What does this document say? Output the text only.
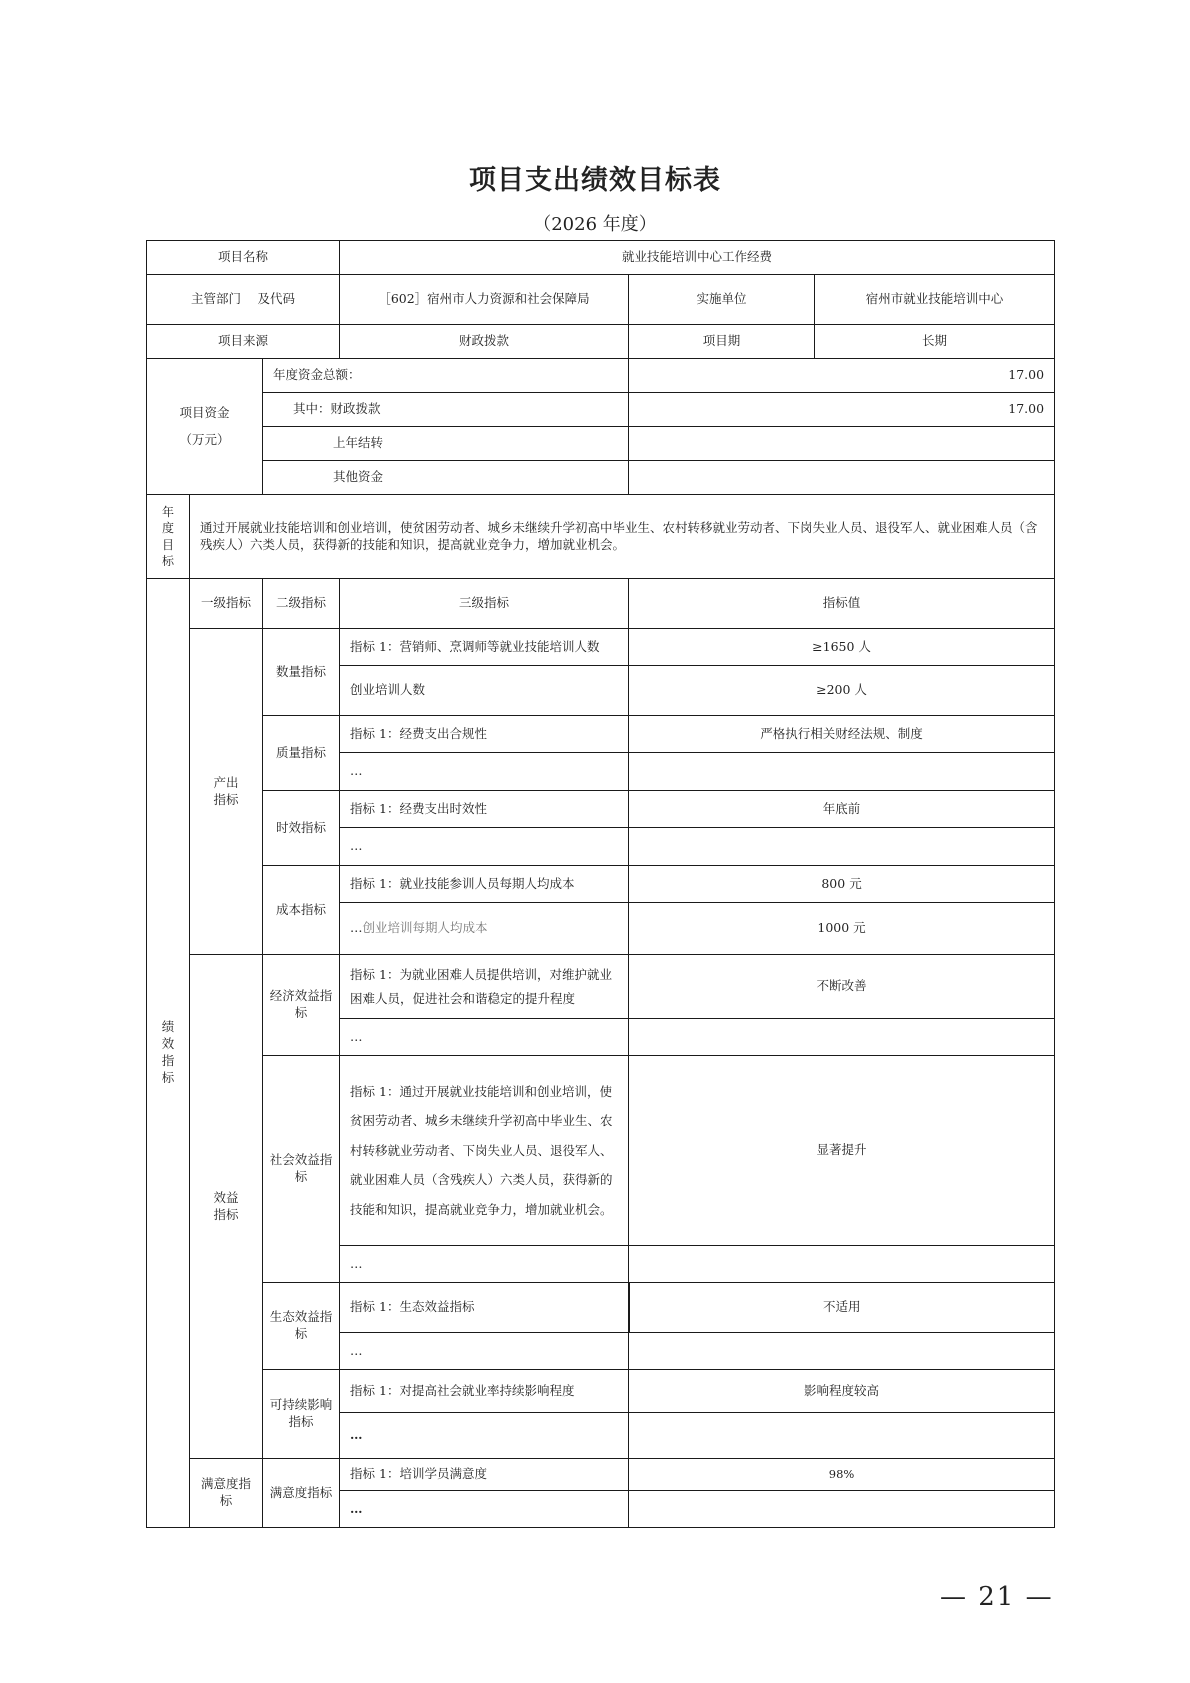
项目支出绩效目标表
（2026 年度）
项目名称			就业技能培训中心工作经费		
主管部门　 及代码			［602］宿州市人力资源和社会保障局	实施单位	宿州市就业技能培训中心
项目来源			财政拨款	项目期	长期

项目资金
（万元）		年度资金总额：		17.00	
		其中：财政拨款		17.00	
		上年结转			
		其他资金			

年度目标	通过开展就业技能培训和创业培训，使贫困劳动者、城乡未继续升学初高中毕业生、农村转移就业劳动者、下岗失业人员、退役军人、就业困难人员（含残疾人）六类人员，获得新的技能和知识，提高就业竞争力，增加就业机会。				

绩效指标	一级指标	二级指标	三级指标	指标值	

	产出指标	数量指标	指标 1：营销师、烹调师等就业技能培训人数	≥1650 人	
			创业培训人数	≥200 人	
		质量指标	指标 1：经费支出合规性	严格执行相关财经法规、制度	
			…		
		时效指标	指标 1：经费支出时效性	年底前	
			…		
		成本指标	指标 1：就业技能参训人员每期人均成本	800 元	
			…创业培训每期人均成本	1000 元	

	效益指标	经济效益指标	指标 1：为就业困难人员提供培训，对维护就业困难人员，促进社会和谐稳定的提升程度	不断改善	
			…		
		社会效益指标	指标 1：通过开展就业技能培训和创业培训，使贫困劳动者、城乡未继续升学初高中毕业生、农村转移就业劳动者、下岗失业人员、退役军人、就业困难人员（含残疾人）六类人员，获得新的技能和知识，提高就业竞争力，增加就业机会。	显著提升	
			…		
		生态效益指标	指标 1：生态效益指标	不适用	
			…		
		可持续影响指标	指标 1：对提高社会就业率持续影响程度	影响程度较高	
			…		

	满意度指标	满意度指标	指标 1：培训学员满意度	98%	
			…		
— 21 —
